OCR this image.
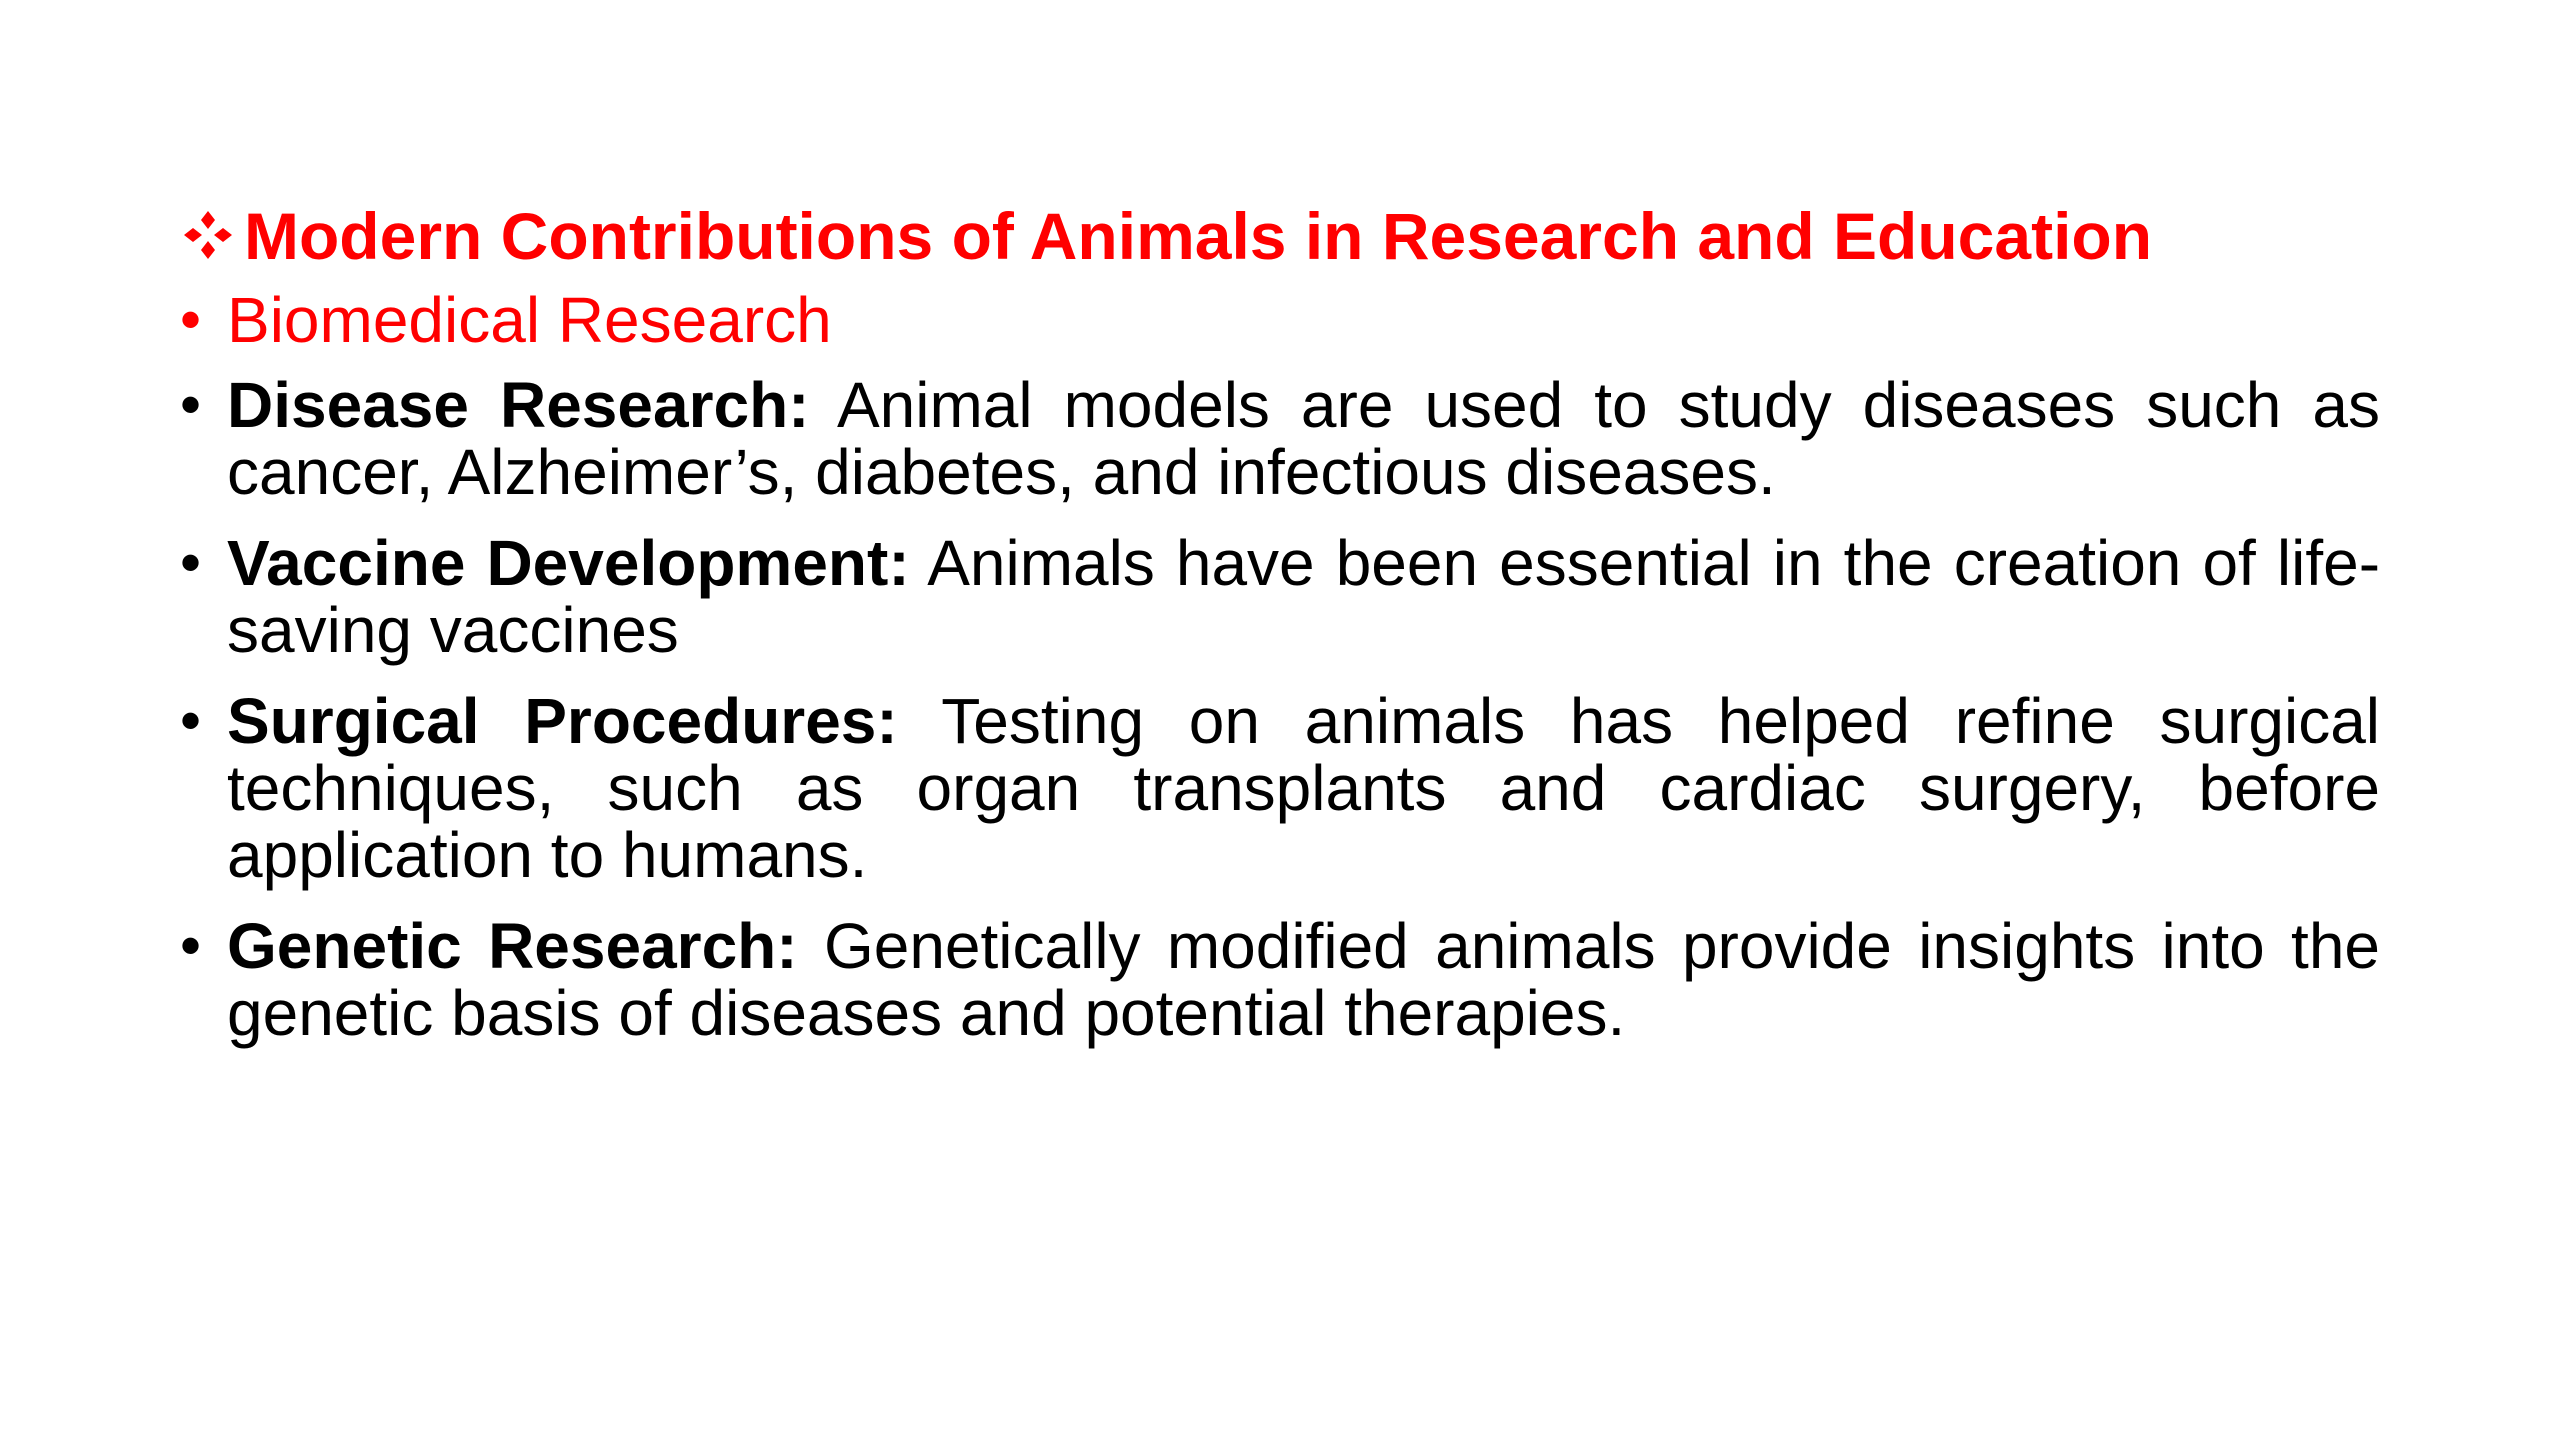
Modern Contributions of Animals in Research and Education
• Biomedical Research
• Disease Research: Animal models are used to study diseases such as cancer, Alzheimer’s, diabetes, and infectious diseases.
• Vaccine Development: Animals have been essential in the creation of life-saving vaccines
• Surgical Procedures: Testing on animals has helped refine surgical techniques, such as organ transplants and cardiac surgery, before application to humans.
• Genetic Research: Genetically modified animals provide insights into the genetic basis of diseases and potential therapies.
